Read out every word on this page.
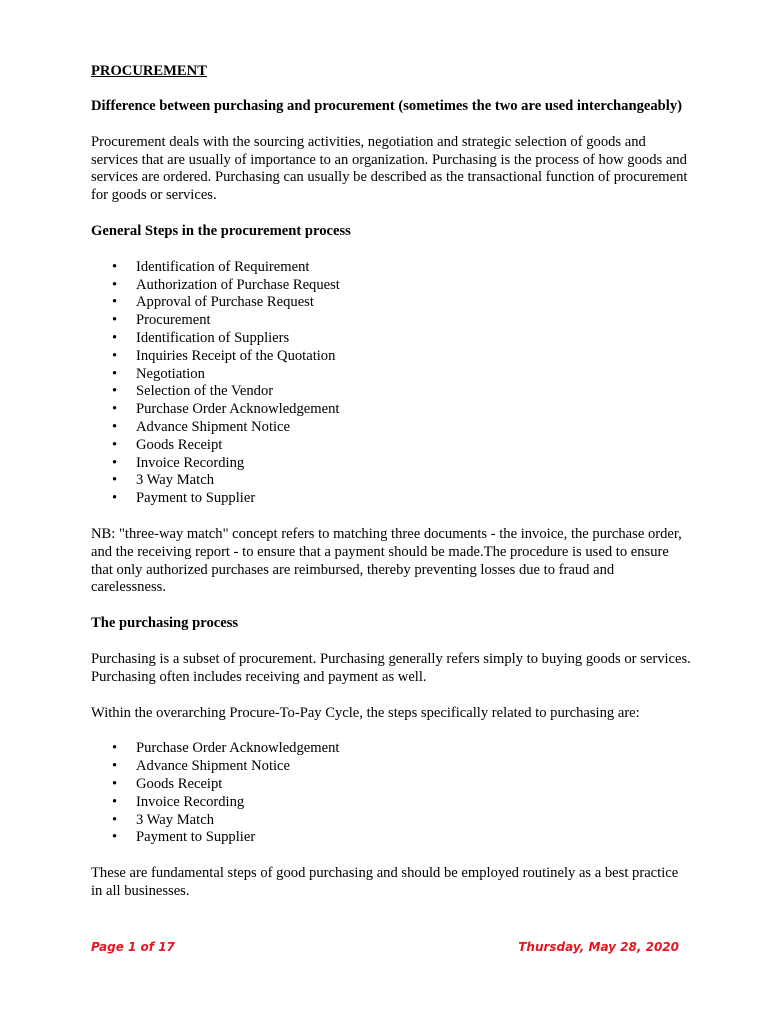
PROCUREMENT
Difference between purchasing and procurement (sometimes the two are used interchangeably)
Procurement deals with the sourcing activities, negotiation and strategic selection of goods and services that are usually of importance to an organization. Purchasing is the process of how goods and services are ordered. Purchasing can usually be described as the transactional function of procurement for goods or services.
General Steps in the procurement process
• Identification of Requirement
• Authorization of Purchase Request
• Approval of Purchase Request
• Procurement
• Identification of Suppliers
• Inquiries Receipt of the Quotation
• Negotiation
• Selection of the Vendor
• Purchase Order Acknowledgement
• Advance Shipment Notice
• Goods Receipt
• Invoice Recording
• 3 Way Match
• Payment to Supplier
NB: "three-way match" concept refers to matching three documents - the invoice, the purchase order, and the receiving report - to ensure that a payment should be made.The procedure is used to ensure that only authorized purchases are reimbursed, thereby preventing losses due to fraud and carelessness.
The purchasing process
Purchasing is a subset of procurement. Purchasing generally refers simply to buying goods or services. Purchasing often includes receiving and payment as well.
Within the overarching Procure-To-Pay Cycle, the steps specifically related to purchasing are:
• Purchase Order Acknowledgement
• Advance Shipment Notice
• Goods Receipt
• Invoice Recording
• 3 Way Match
• Payment to Supplier
These are fundamental steps of good purchasing and should be employed routinely as a best practice in all businesses.
Page 1 of 17	Thursday, May 28, 2020
